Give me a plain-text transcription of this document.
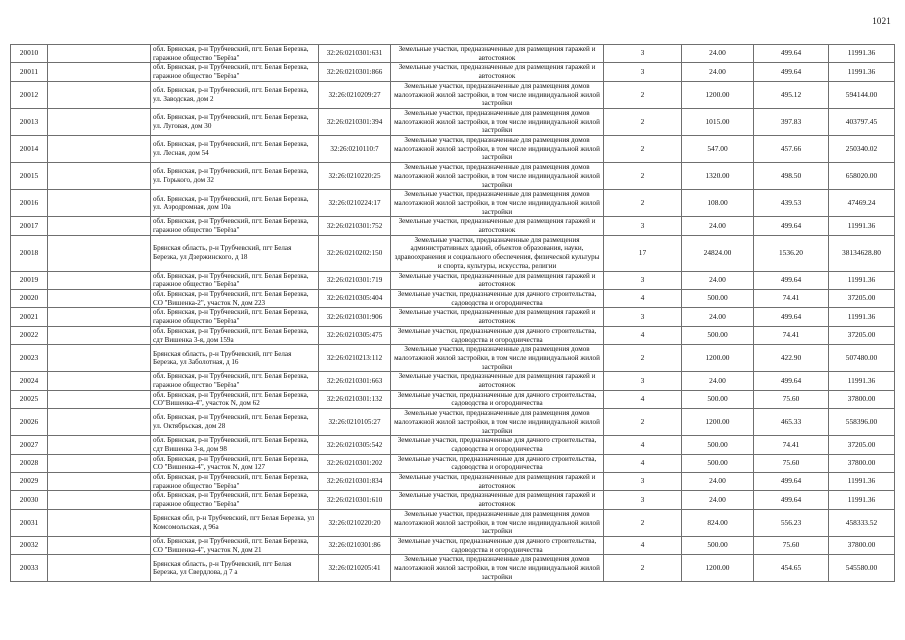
1021
20010		обл. Брянская, р-н Трубчевский, пгт. Белая Березка, гаражное общество "Берёза"	32:26:0210301:631	Земельные участки, предназначенные для размещения гаражей и автостоянок	3	24.00	499.64	11991.36
20011		обл. Брянская, р-н Трубчевский, пгт. Белая Березка, гаражное общество "Берёза"	32:26:0210301:866	Земельные участки, предназначенные для размещения гаражей и автостоянок	3	24.00	499.64	11991.36
20012		обл. Брянская, р-н Трубчевский, пгт. Белая Березка, ул. Заводская, дом 2	32:26:0210209:27	Земельные участки, предназначенные для размещения домов малоэтажной жилой застройки, в том числе индивидуальной жилой застройки	2	1200.00	495.12	594144.00
20013		обл. Брянская, р-н Трубчевский, пгт. Белая Березка, ул. Луговая, дом 30	32:26:0210301:394	Земельные участки, предназначенные для размещения домов малоэтажной жилой застройки, в том числе индивидуальной жилой застройки	2	1015.00	397.83	403797.45
20014		обл. Брянская, р-н Трубчевский, пгт. Белая Березка, ул. Лесная, дом 54	32:26:0210110:7	Земельные участки, предназначенные для размещения домов малоэтажной жилой застройки, в том числе индивидуальной жилой застройки	2	547.00	457.66	250340.02
20015		обл. Брянская, р-н Трубчевский, пгт. Белая Березка, ул. Горького, дом 32	32:26:0210220:25	Земельные участки, предназначенные для размещения домов малоэтажной жилой застройки, в том числе индивидуальной жилой застройки	2	1320.00	498.50	658020.00
20016		обл. Брянская, р-н Трубчевский, пгт. Белая Березка, ул. Аэродромная, дом 10а	32:26:0210224:17	Земельные участки, предназначенные для размещения домов малоэтажной жилой застройки, в том числе индивидуальной жилой застройки	2	108.00	439.53	47469.24
20017		обл. Брянская, р-н Трубчевский, пгт. Белая Березка, гаражное общество "Берёза"	32:26:0210301:752	Земельные участки, предназначенные для размещения гаражей и автостоянок	3	24.00	499.64	11991.36
20018		Брянская область, р-н Трубчевский, пгт Белая Березка, ул Дзержинского, д 18	32:26:0210202:150	Земельные участки, предназначенные для размещения административных зданий, объектов образования, науки, здравоохранения и социального обеспечения, физической культуры и спорта, культуры, искусства, религии	17	24824.00	1536.20	38134628.80
20019		обл. Брянская, р-н Трубчевский, пгт. Белая Березка, гаражное общество "Берёза"	32:26:0210301:719	Земельные участки, предназначенные для размещения гаражей и автостоянок	3	24.00	499.64	11991.36
20020		обл. Брянская, р-н Трубчевский, пгт. Белая Березка, СО "Вишенка-2", участок N, дом 223	32:26:0210305:404	Земельные участки, предназначенные для дачного строительства, садоводства и огородничества	4	500.00	74.41	37205.00
20021		обл. Брянская, р-н Трубчевский, пгт. Белая Березка, гаражное общество "Берёза"	32:26:0210301:906	Земельные участки, предназначенные для размещения гаражей и автостоянок	3	24.00	499.64	11991.36
20022		обл. Брянская, р-н Трубчевский, пгт. Белая Березка, сдт Вишенка 3-я, дом 159а	32:26:0210305:475	Земельные участки, предназначенные для дачного строительства, садоводства и огородничества	4	500.00	74.41	37205.00
20023		Брянская область, р-н Трубчевский, пгт Белая Березка, ул Заболотная, д 16	32:26:0210213:112	Земельные участки, предназначенные для размещения домов малоэтажной жилой застройки, в том числе индивидуальной жилой застройки	2	1200.00	422.90	507480.00
20024		обл. Брянская, р-н Трубчевский, пгт. Белая Березка, гаражное общество "Берёза"	32:26:0210301:663	Земельные участки, предназначенные для размещения гаражей и автостоянок	3	24.00	499.64	11991.36
20025		обл. Брянская, р-н Трубчевский, пгт. Белая Березка, СО"Вишенка-4", участок N, дом 62	32:26:0210301:132	Земельные участки, предназначенные для дачного строительства, садоводства и огородничества	4	500.00	75.60	37800.00
20026		обл. Брянская, р-н Трубчевский, пгт. Белая Березка, ул. Октябрьская, дом 28	32:26:0210105:27	Земельные участки, предназначенные для размещения домов малоэтажной жилой застройки, в том числе индивидуальной жилой застройки	2	1200.00	465.33	558396.00
20027		обл. Брянская, р-н Трубчевский, пгт. Белая Березка, сдт Вишенка 3-я, дом 98	32:26:0210305:542	Земельные участки, предназначенные для дачного строительства, садоводства и огородничества	4	500.00	74.41	37205.00
20028		обл. Брянская, р-н Трубчевский, пгт. Белая Березка, СО "Вишенка-4", участок N, дом 127	32:26:0210301:202	Земельные участки, предназначенные для дачного строительства, садоводства и огородничества	4	500.00	75.60	37800.00
20029		обл. Брянская, р-н Трубчевский, пгт. Белая Березка, гаражное общество "Берёза"	32:26:0210301:834	Земельные участки, предназначенные для размещения гаражей и автостоянок	3	24.00	499.64	11991.36
20030		обл. Брянская, р-н Трубчевский, пгт. Белая Березка, гаражное общество "Берёза"	32:26:0210301:610	Земельные участки, предназначенные для размещения гаражей и автостоянок	3	24.00	499.64	11991.36
20031		Брянская обл, р-н Трубчевский, пгт Белая Березка, ул Комсомольская, д 96а	32:26:0210220:20	Земельные участки, предназначенные для размещения домов малоэтажной жилой застройки, в том числе индивидуальной жилой застройки	2	824.00	556.23	458333.52
20032		обл. Брянская, р-н Трубчевский, пгт. Белая Березка, СО "Вишенка-4", участок N, дом 21	32:26:0210301:86	Земельные участки, предназначенные для дачного строительства, садоводства и огородничества	4	500.00	75.60	37800.00
20033		Брянская область, р-н Трубчевский, пгт Белая Березка, ул Свердлова, д 7 а	32:26:0210205:41	Земельные участки, предназначенные для размещения домов малоэтажной жилой застройки, в том числе индивидуальной жилой застройки	2	1200.00	454.65	545580.00
